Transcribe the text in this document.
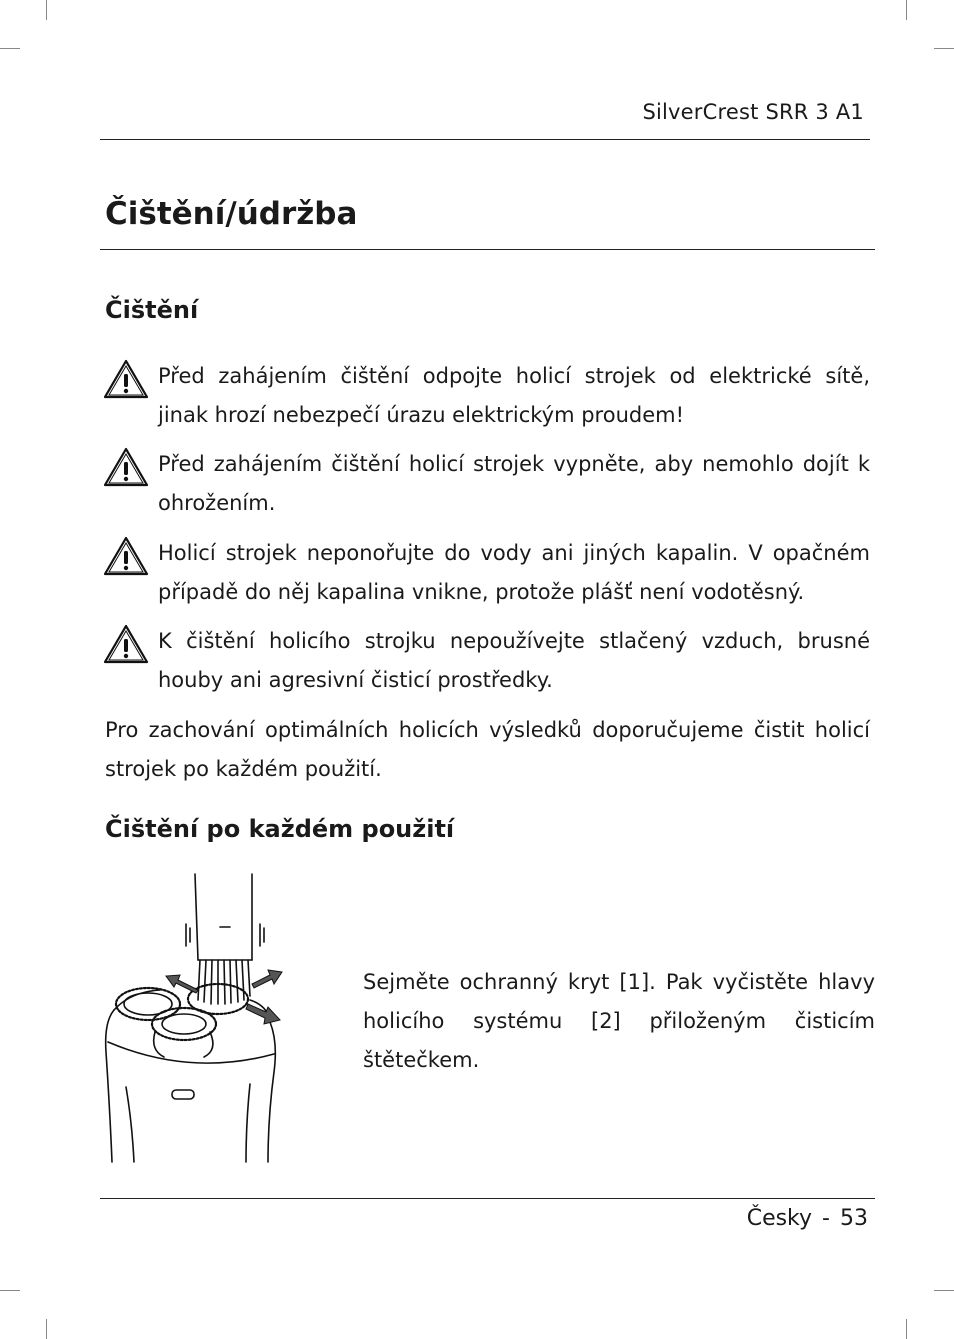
SilverCrest SRR 3 A1
Čištění/údržba
Čištění
Před zahájením čištění odpojte holicí strojek od elektrické sítě, jinak hrozí nebezpečí úrazu elektrickým proudem!
Před zahájením čištění holicí strojek vypněte, aby nemohlo dojít k ohrožením.
Holicí strojek neponořujte do vody ani jiných kapalin. V opačném případě do něj kapalina vnikne, protože plášť není vodotěsný.
K čištění holicího strojku nepoužívejte stlačený vzduch, brusné houby ani agresivní čisticí prostředky.
Pro zachování optimálních holicích výsledků doporučujeme čistit holicí strojek po každém použití.
Čištění po každém použití
Sejměte ochranný kryt [1]. Pak vyčistěte hlavy holicího systému [2] přiloženým čisticím štětečkem.
Česky - 53
